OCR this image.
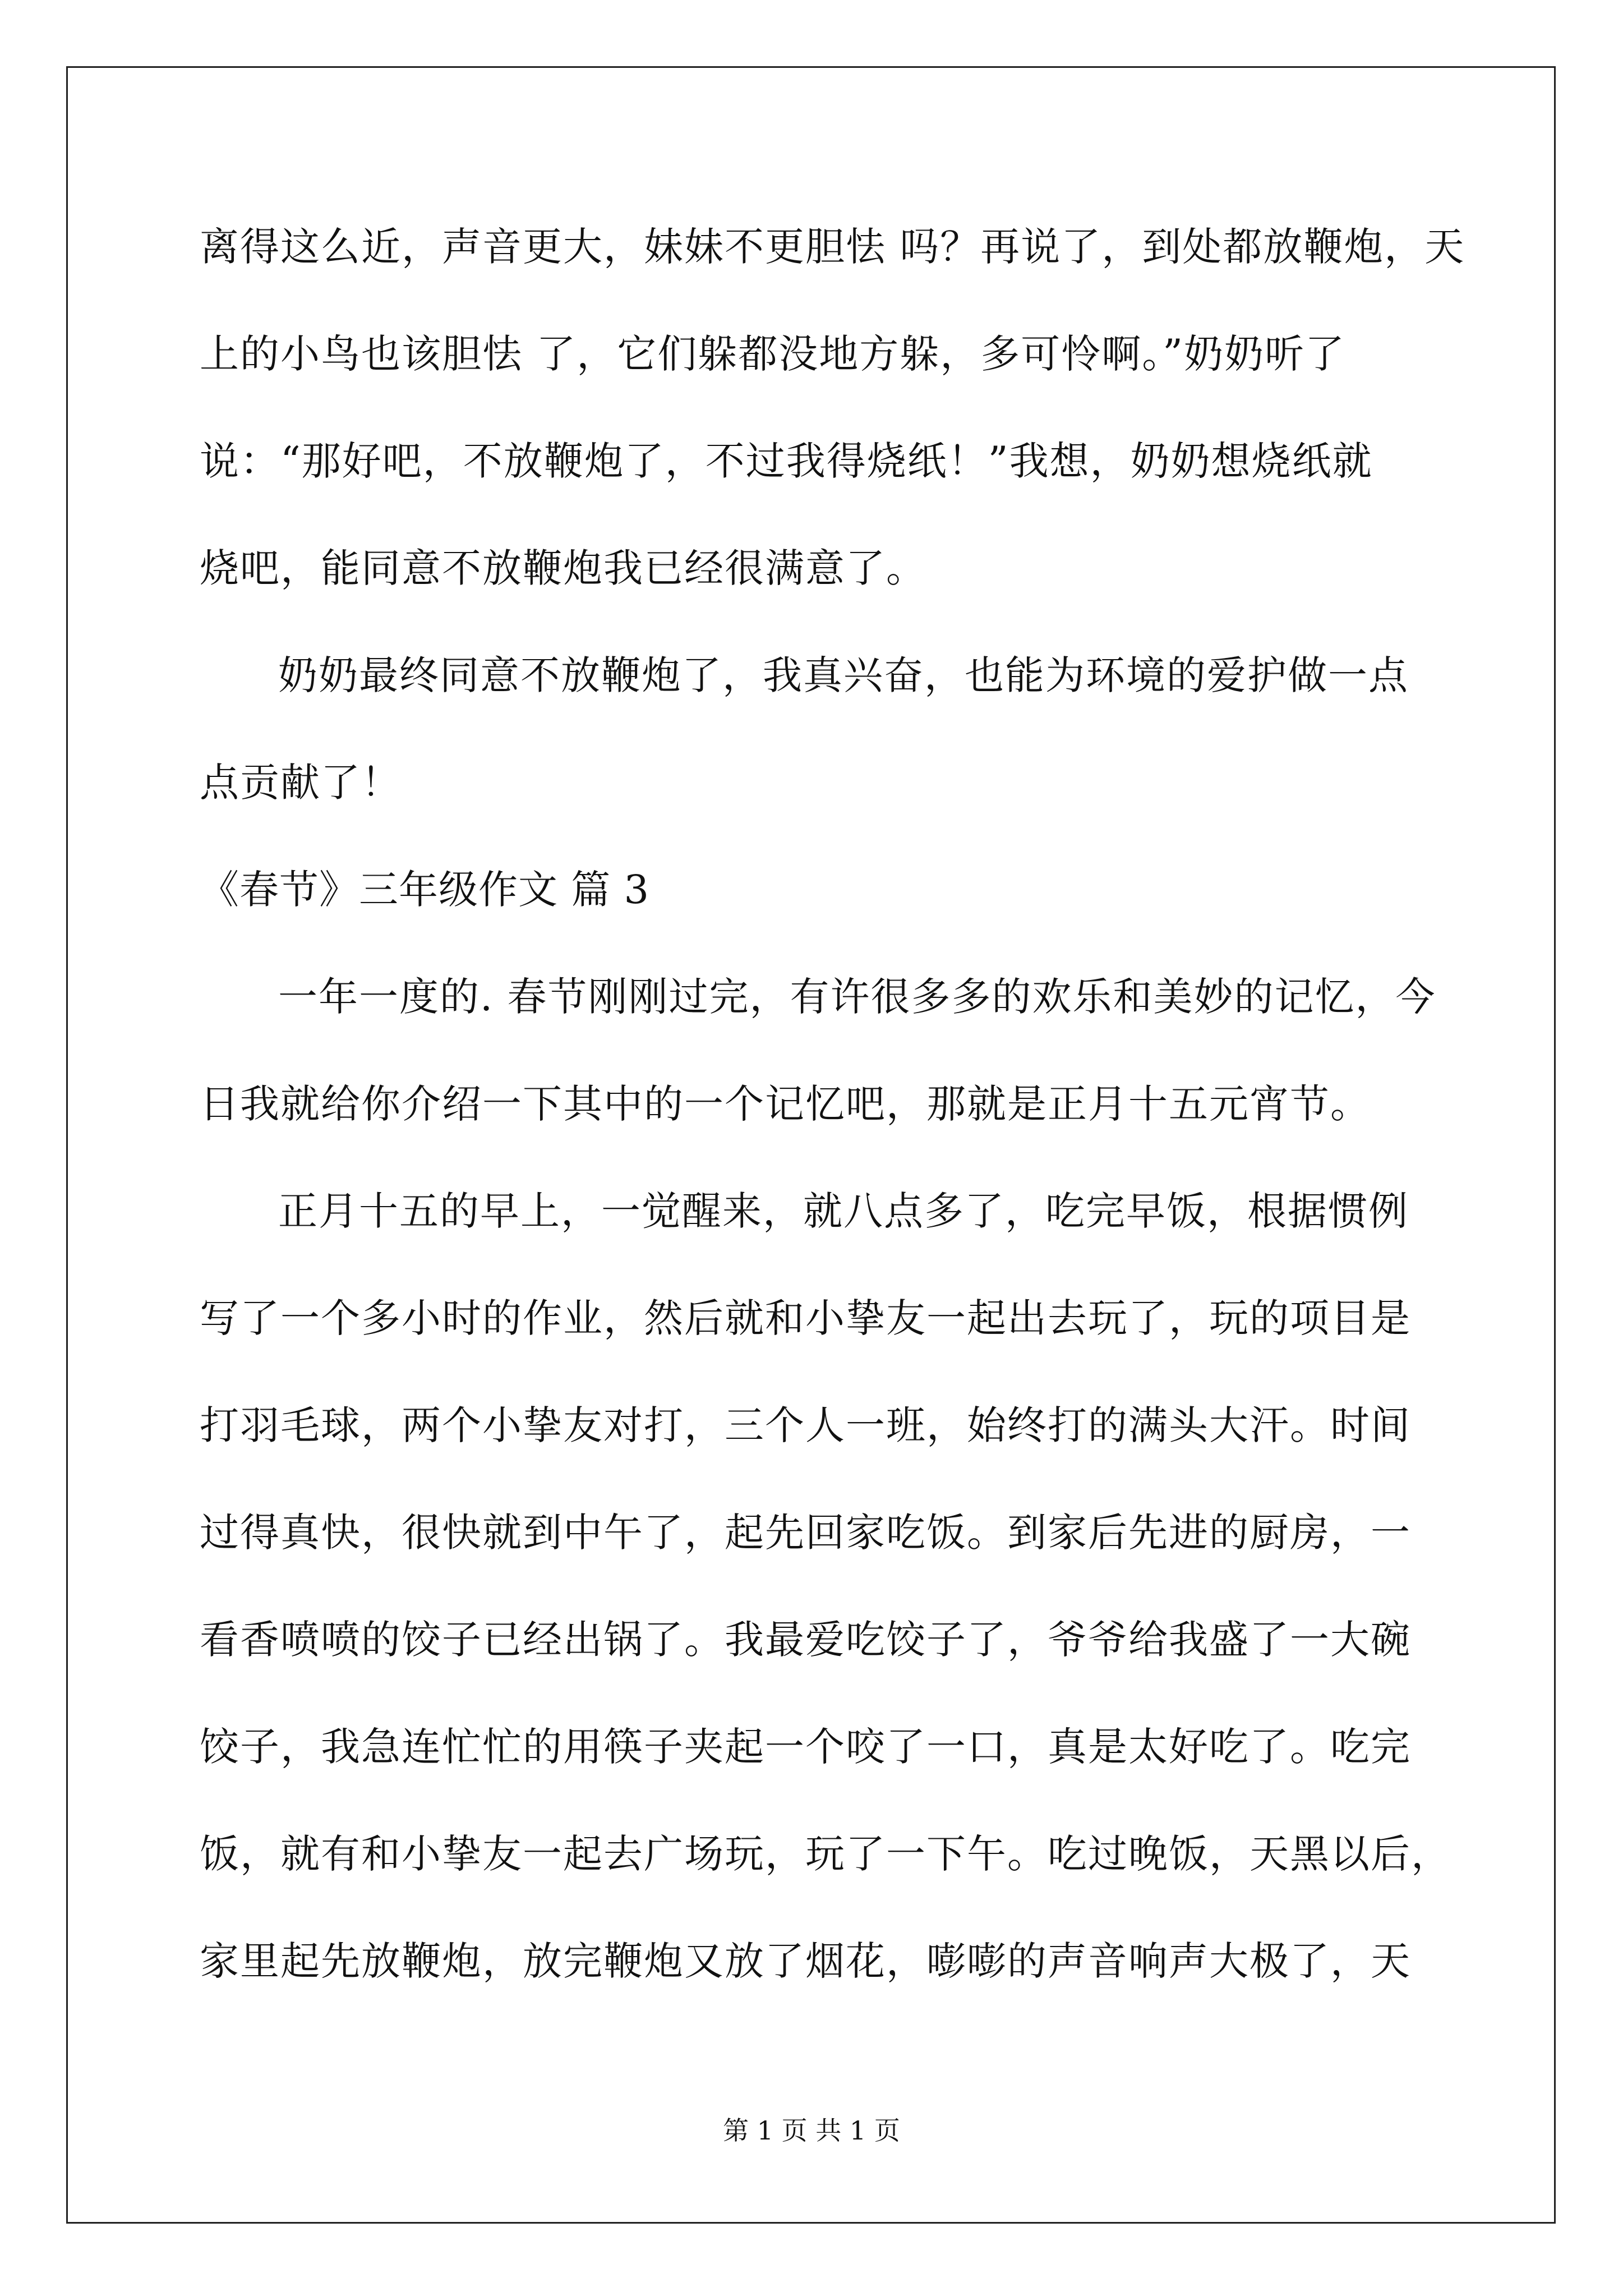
离得这么近，声音更大，妹妹不更胆怯 吗？再说了，到处都放鞭炮，天
上的小鸟也该胆怯 了，它们躲都没地方躲，多可怜啊。”奶奶听了
说：“那好吧，不放鞭炮了，不过我得烧纸！”我想，奶奶想烧纸就
烧吧，能同意不放鞭炮我已经很满意了。
奶奶最终同意不放鞭炮了，我真兴奋，也能为环境的爱护做一点
点贡献了！
《春节》三年级作文 篇 3
一年一度的. 春节刚刚过完，有许很多多的欢乐和美妙的记忆，今
日我就给你介绍一下其中的一个记忆吧，那就是正月十五元宵节。
正月十五的早上，一觉醒来，就八点多了，吃完早饭，根据惯例
写了一个多小时的作业，然后就和小挚友一起出去玩了，玩的项目是
打羽毛球，两个小挚友对打，三个人一班，始终打的满头大汗。时间
过得真快，很快就到中午了，起先回家吃饭。到家后先进的厨房，一
看香喷喷的饺子已经出锅了。我最爱吃饺子了，爷爷给我盛了一大碗
饺子，我急连忙忙的用筷子夹起一个咬了一口，真是太好吃了。吃完
饭，就有和小挚友一起去广场玩，玩了一下午。吃过晚饭，天黑以后，
家里起先放鞭炮，放完鞭炮又放了烟花，嘭嘭的声音响声大极了，天
第 1 页 共 1 页
